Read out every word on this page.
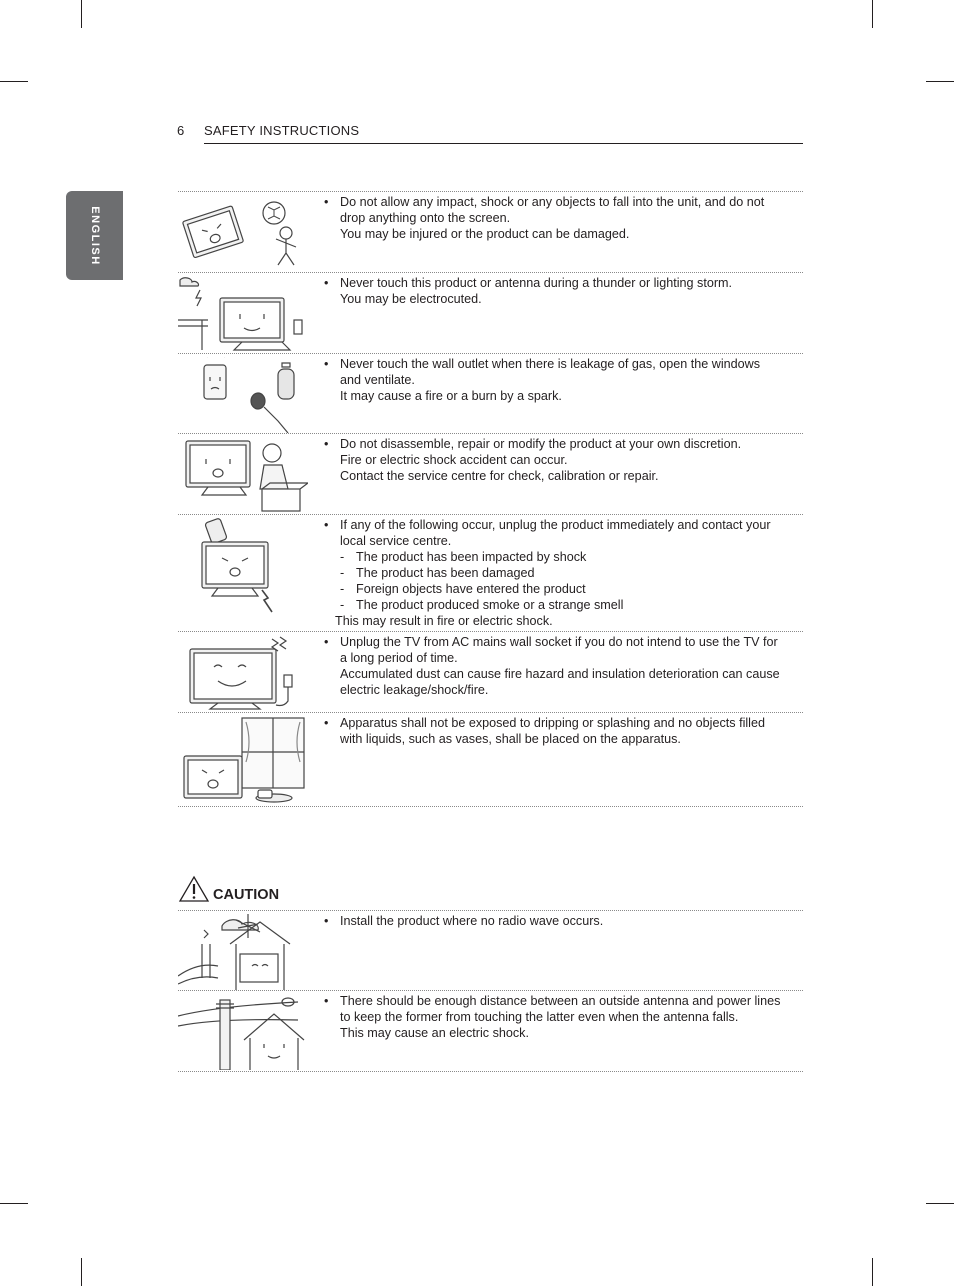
6 SAFETY INSTRUCTIONS
ENGLISH
• Do not allow any impact, shock or any objects to fall into the unit, and do not drop anything onto the screen.

You may be injured or the product can be damaged.

• Never touch this product or antenna during a thunder or lighting storm.

You may be electrocuted.

• Never touch the wall outlet when there is leakage of gas, open the windows and ventilate.

It may cause a fire or a burn by a spark.

• Do not disassemble, repair or modify the product at your own discretion.

Fire or electric shock accident can occur.

Contact the service centre for check, calibration or repair.

• If any of the following occur, unplug the product immediately and contact your local service centre.

- The product has been impacted by shock
- The product has been damaged
- Foreign objects have entered the product
- The product produced smoke or a strange smell
This may result in fire or electric shock.
• Unplug the TV from AC mains wall socket if you do not intend to use the TV for a long period of time.

Accumulated dust can cause fire hazard and insulation deterioration can cause electric leakage/shock/fire.

• Apparatus shall not be exposed to dripping or splashing and no objects filled with liquids, such as vases, shall be placed on the apparatus.

CAUTION
• Install the product where no radio wave occurs.

• There should be enough distance between an outside antenna and power lines to keep the former from touching the latter even when the antenna falls.

This may cause an electric shock.
